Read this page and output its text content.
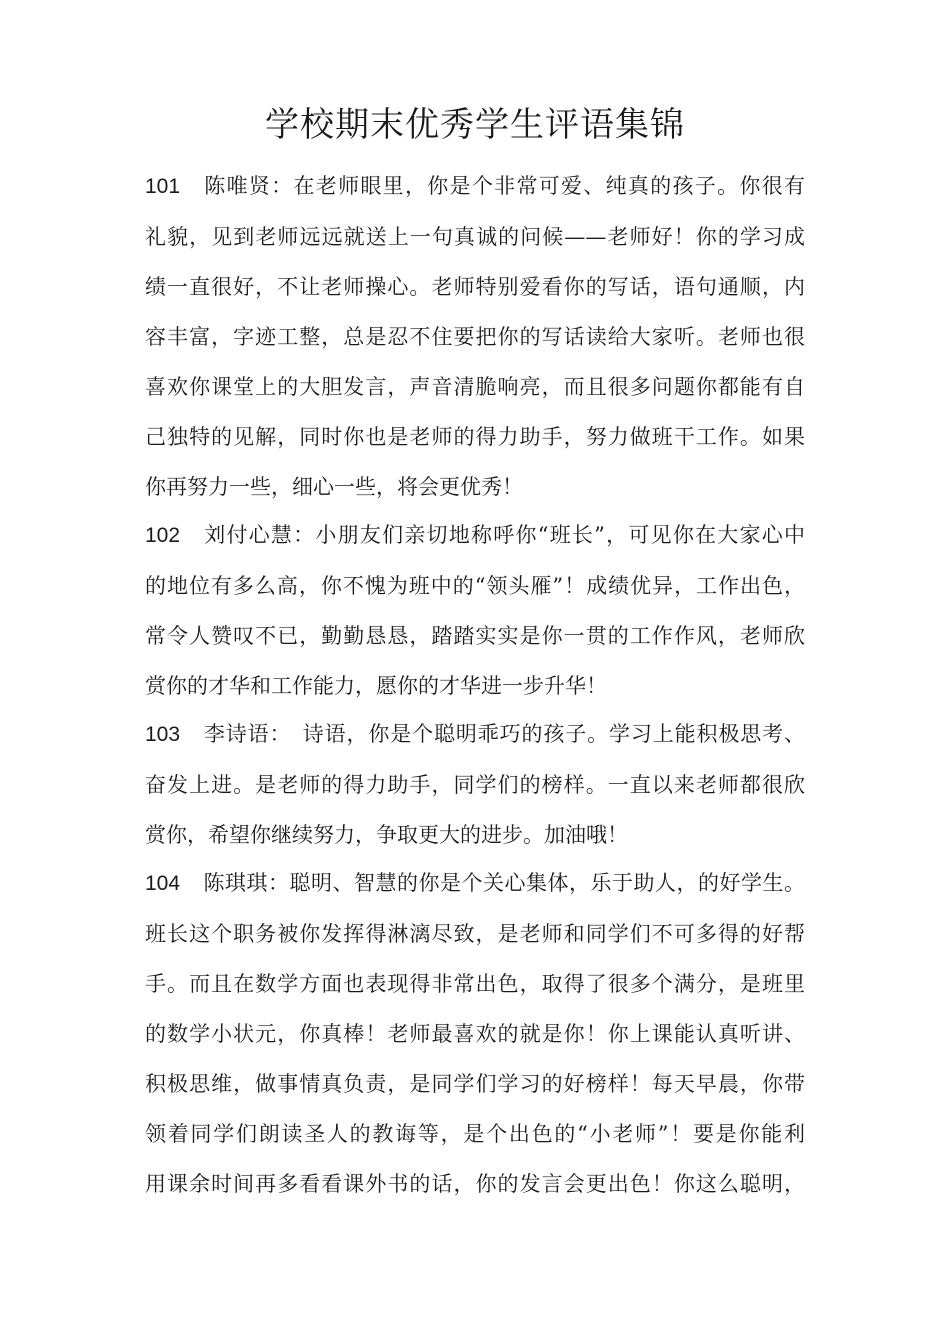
学校期末优秀学生评语集锦
101 陈唯贤：在老师眼里，你是个非常可爱、纯真的孩子。你很有
礼貌，见到老师远远就送上一句真诚的问候——老师好！你的学习成
绩一直很好，不让老师操心。老师特别爱看你的写话，语句通顺，内
容丰富，字迹工整，总是忍不住要把你的写话读给大家听。老师也很
喜欢你课堂上的大胆发言，声音清脆响亮，而且很多问题你都能有自
己独特的见解，同时你也是老师的得力助手，努力做班干工作。如果
你再努力一些，细心一些，将会更优秀！
102 刘付心慧：小朋友们亲切地称呼你“班长”，可见你在大家心中
的地位有多么高，你不愧为班中的“领头雁”！成绩优异，工作出色，
常令人赞叹不已，勤勤恳恳，踏踏实实是你一贯的工作作风，老师欣
赏你的才华和工作能力，愿你的才华进一步升华！
103 李诗语：　诗语，你是个聪明乖巧的孩子。学习上能积极思考、
奋发上进。是老师的得力助手，同学们的榜样。一直以来老师都很欣
赏你，希望你继续努力，争取更大的进步。加油哦！
104 陈琪琪：聪明、智慧的你是个关心集体，乐于助人，的好学生。
班长这个职务被你发挥得淋漓尽致，是老师和同学们不可多得的好帮
手。而且在数学方面也表现得非常出色，取得了很多个满分，是班里
的数学小状元，你真棒！老师最喜欢的就是你！你上课能认真听讲、
积极思维，做事情真负责，是同学们学习的好榜样！每天早晨，你带
领着同学们朗读圣人的教诲等，是个出色的“小老师”！要是你能利
用课余时间再多看看课外书的话，你的发言会更出色！你这么聪明，
